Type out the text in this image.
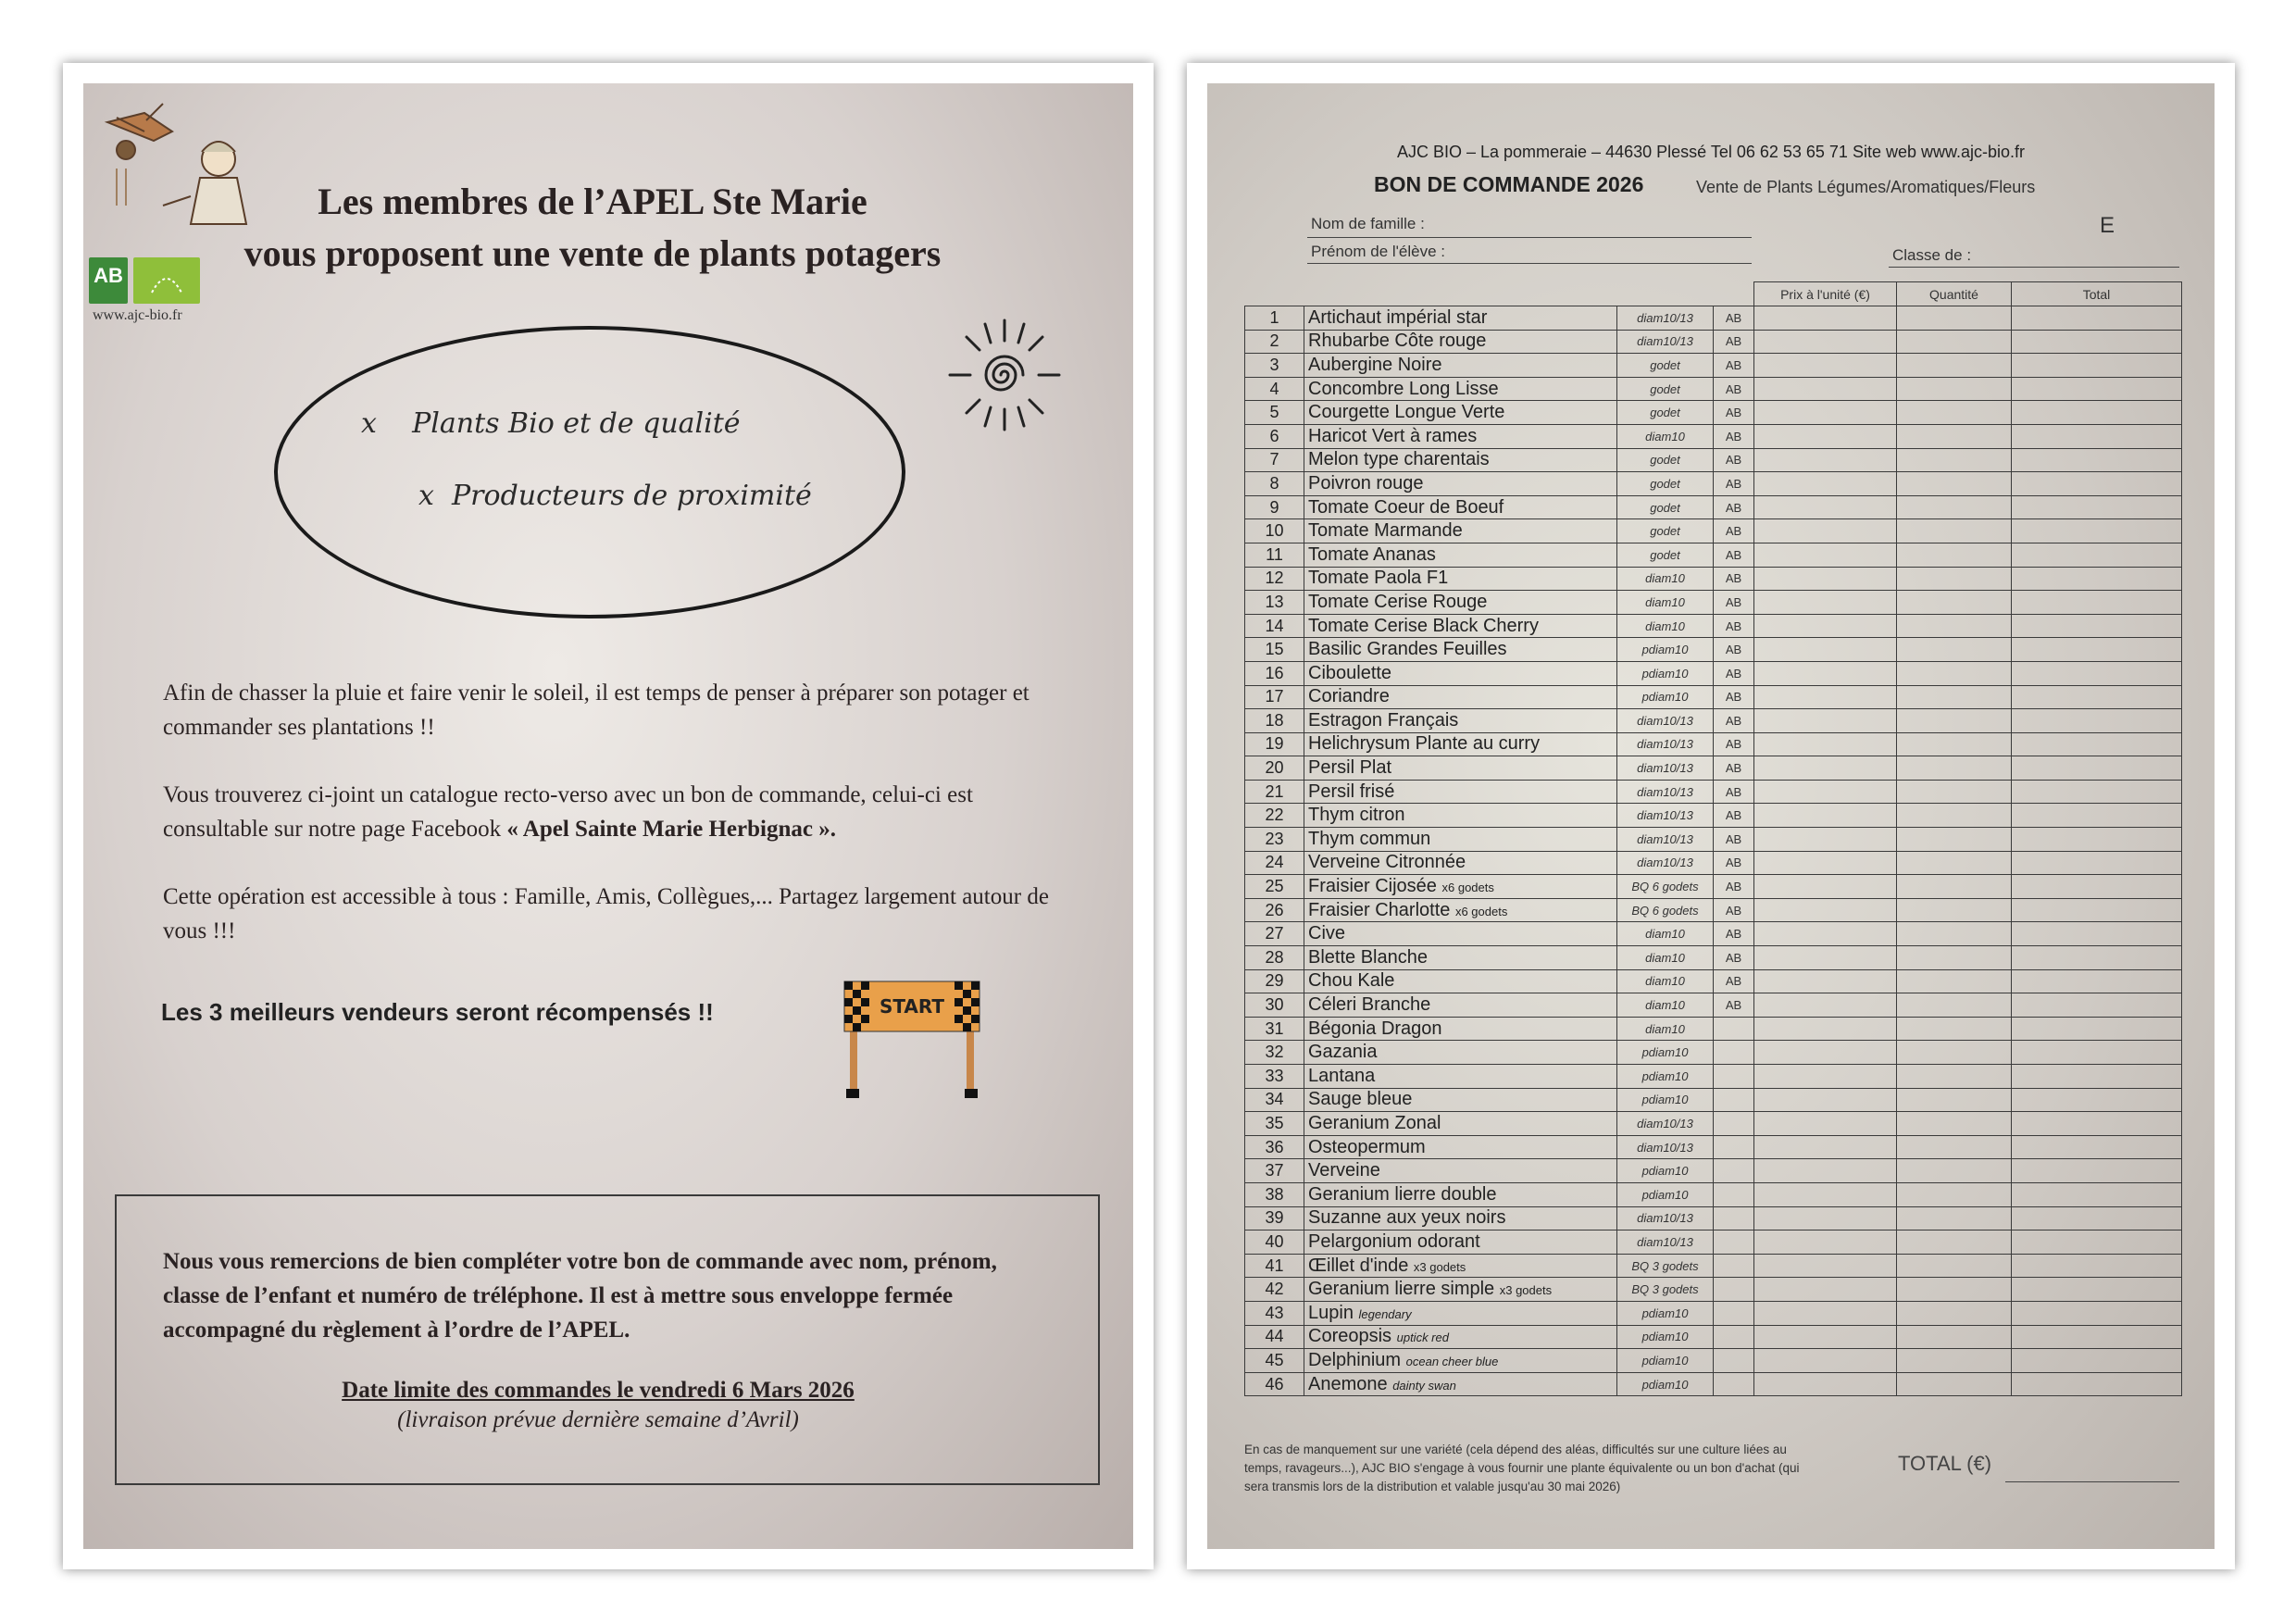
AB
www.ajc-bio.fr
Les membres de l’APEL Ste Marie
vous proposent une vente de plants potagers
x Plants Bio et de qualité
x Producteurs de proximité
Afin de chasser la pluie et faire venir le soleil, il est temps de penser à préparer son potager et commander ses plantations !!
Vous trouverez ci-joint un catalogue recto-verso avec un bon de commande, celui-ci est consultable sur notre page Facebook « Apel Sainte Marie Herbignac ».
Cette opération est accessible à tous : Famille, Amis, Collègues,... Partagez largement autour de vous !!!
Les 3 meilleurs vendeurs seront récompensés !!	START
Nous vous remercions de bien compléter votre bon de commande avec nom, prénom, classe de l’enfant et numéro de tréléphone. Il est à mettre sous enveloppe fermée accompagné du règlement à l’ordre de l’APEL.
Date limite des commandes le vendredi 6 Mars 2026
(livraison prévue dernière semaine d’Avril)
AJC BIO – La pommeraie – 44630 Plessé Tel 06 62 53 65 71 Site web www.ajc-bio.fr
BON DE COMMANDE 2026	Vente de Plants Légumes/Aromatiques/Fleurs
Nom de famille :
Prénom de l'élève :	Classe de :
E
				Prix à l'unité (€)	Quantité	Total
1	Artichaut impérial star	diam10/13	AB			
2	Rhubarbe Côte rouge	diam10/13	AB			
3	Aubergine Noire	godet	AB			
4	Concombre Long Lisse	godet	AB			
5	Courgette Longue Verte	godet	AB			
6	Haricot Vert à rames	diam10	AB			
7	Melon type charentais	godet	AB			
8	Poivron rouge	godet	AB			
9	Tomate Coeur de Boeuf	godet	AB			
10	Tomate Marmande	godet	AB			
11	Tomate Ananas	godet	AB			
12	Tomate Paola F1	diam10	AB			
13	Tomate Cerise Rouge	diam10	AB			
14	Tomate Cerise Black Cherry	diam10	AB			
15	Basilic Grandes Feuilles	pdiam10	AB			
16	Ciboulette	pdiam10	AB			
17	Coriandre	pdiam10	AB			
18	Estragon Français	diam10/13	AB			
19	Helichrysum Plante au curry	diam10/13	AB			
20	Persil Plat	diam10/13	AB			
21	Persil frisé	diam10/13	AB			
22	Thym citron	diam10/13	AB			
23	Thym commun	diam10/13	AB			
24	Verveine Citronnée	diam10/13	AB			
25	Fraisier Cijosée x6 godets	BQ 6 godets	AB			
26	Fraisier Charlotte x6 godets	BQ 6 godets	AB			
27	Cive	diam10	AB			
28	Blette Blanche	diam10	AB			
29	Chou Kale	diam10	AB			
30	Céleri Branche	diam10	AB			
31	Bégonia Dragon	diam10				
32	Gazania	pdiam10				
33	Lantana	pdiam10				
34	Sauge bleue	pdiam10				
35	Geranium Zonal	diam10/13				
36	Osteopermum	diam10/13				
37	Verveine	pdiam10				
38	Geranium lierre double	pdiam10				
39	Suzanne aux yeux noirs	diam10/13				
40	Pelargonium odorant	diam10/13				
41	Œillet d'inde x3 godets	BQ 3 godets				
42	Geranium lierre simple x3 godets	BQ 3 godets				
43	Lupin legendary	pdiam10				
44	Coreopsis uptick red	pdiam10				
45	Delphinium ocean cheer blue	pdiam10				
46	Anemone dainty swan	pdiam10				
En cas de manquement sur une variété (cela dépend des aléas, difficultés sur une culture liées au temps, ravageurs...), AJC BIO s'engage à vous fournir une plante équivalente ou un bon d'achat (qui sera transmis lors de la distribution et valable jusqu'au 30 mai 2026)
TOTAL (€)
